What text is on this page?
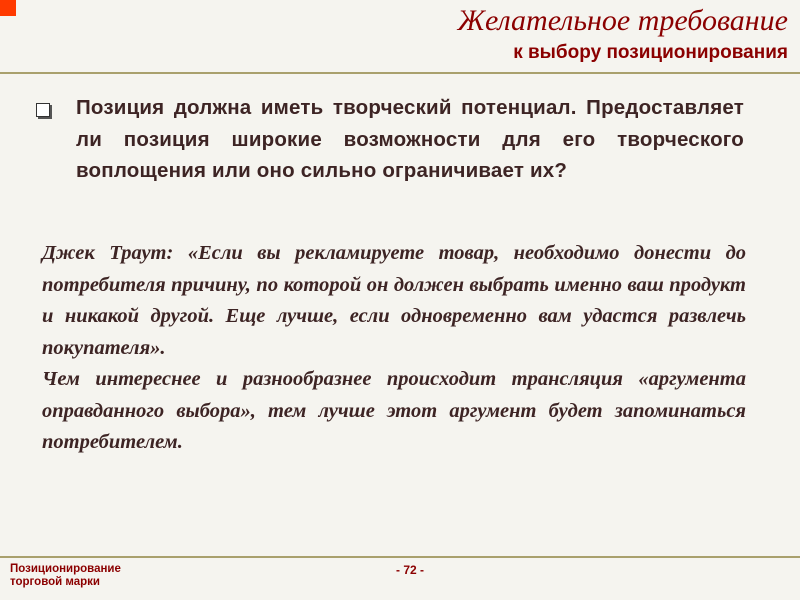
Желательное требование
к выбору позиционирования

Позиция должна иметь творческий потенциал. Предоставляет ли позиция широкие возможности для его творческого воплощения или оно сильно ограничивает их?

Джек Траут: «Если вы рекламируете товар, необходимо донести до потребителя причину, по которой он должен выбрать именно ваш продукт и никакой другой. Еще лучше, если одновременно вам удастся развлечь покупателя».

Чем интереснее и разнообразнее происходит трансляция «аргумента оправданного выбора», тем лучше этот аргумент будет запоминаться потребителем.

Позиционирование
торговой марки
- 72 -
